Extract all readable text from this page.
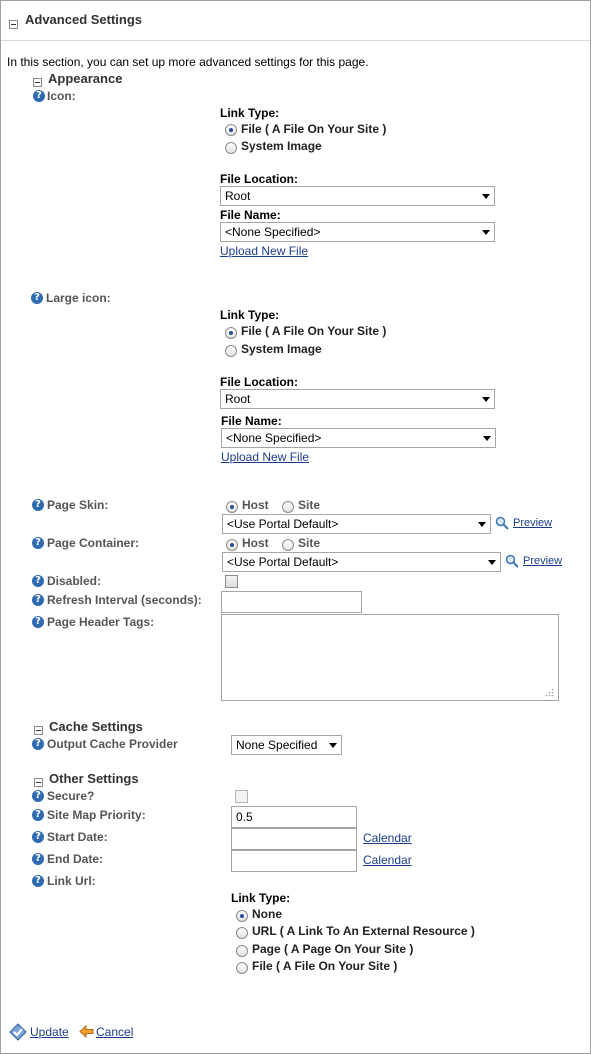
Advanced Settings
In this section, you can set up more advanced settings for this page.
Appearance
? Icon:
Link Type:
File ( A File On Your Site )
System Image
File Location:
Root
File Name:
<None Specified>
Upload New File
? Large icon:
Link Type:
File ( A File On Your Site )
System Image
File Location:
Root
File Name:
<None Specified>
Upload New File
? Page Skin:	Host Site
<Use Portal Default>	Preview
? Page Container:	Host Site
<Use Portal Default>	Preview
? Disabled:
? Refresh Interval (seconds):
? Page Header Tags:
Cache Settings
? Output Cache Provider	None Specified
Other Settings
? Secure?
? Site Map Priority:	0.5
? Start Date:	Calendar
? End Date:	Calendar
? Link Url:
Link Type:
None
URL ( A Link To An External Resource )
Page ( A Page On Your Site )
File ( A File On Your Site )
Update Cancel
